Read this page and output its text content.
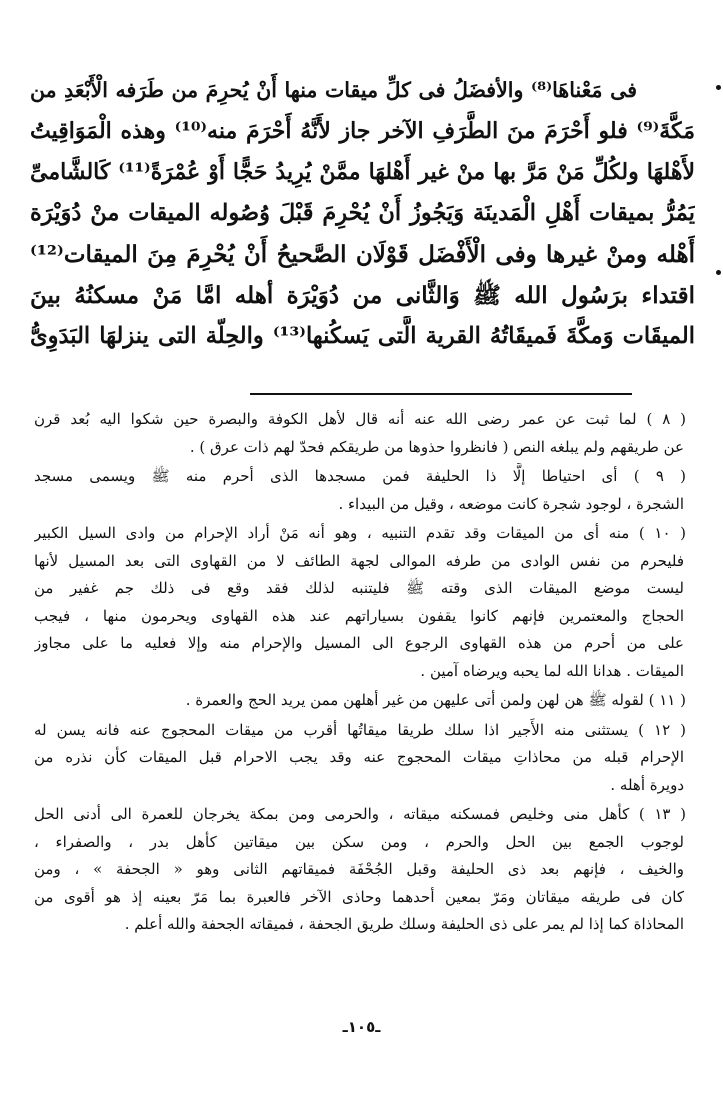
فى مَعْناهَا⁽⁸⁾ والأفضَلُ فى كلِّ ميقات منها أَنْ يُحرِمَ من طَرَفه الْأَبْعَدِ من
مَكَّةَ⁽⁹⁾ فلو أَحْرَمَ منَ الطَّرَفِ الآخر جاز لأَنَّهُ أَحْرَمَ منه⁽¹⁰⁾ وهذه الْمَوَاقِيتُ
لأَهْلهَا ولكُلِّ مَنْ مَرَّ بها منْ غير أَهْلهَا ممَّنْ يُرِيدُ حَجًّا أَوْ عُمْرَةً⁽¹¹⁾ كَالشَّامىِّ
يَمُرُّ بميقات أَهْلِ الْمَدينَة وَيَجُوزُ أَنْ يُحْرِمَ قَبْلَ وُصُوله الميقات منْ دُوَيْرَة
أَهْله ومنْ غيرها وفى الْأَفْضَل قَوْلَان الصَّحيحُ أَنْ يُحْرِمَ مِنَ الميقات⁽¹²⁾
اقتداء برَسُول الله ﷺ وَالثَّانى من دُوَيْرَة أهله امَّا مَنْ مسكنُهُ بينَ
الميقَات وَمكَّةَ فَميقَاتُهُ القرية الَّتى يَسكُنها⁽¹³⁾ والحِلّة التى ينزلهَا البَدَوِىُّ
( ٨ ) لما ثبت عن عمر رضى الله عنه أنه قال لأهل الكوفة والبصرة حين شكوا اليه بُعد قرن
عن طريقهم ولم يبلغه النص ( فانظروا حذوها من طريقكم فحدّ لهم ذات عرق ) .
( ٩ ) أى احتياطا إلَّا ذا الحليفة فمن مسجدها الذى أحرم منه ﷺ ويسمى مسجد
الشجرة ، لوجود شجرة كانت موضعه ، وقيل من البيداء .
( ١٠ ) منه أى من الميقات وقد تقدم التنبيه ، وهو أنه مَنْ أراد الإحرام من وادى السيل الكبير
فليحرم من نفس الوادى من طرفه الموالى لجهة الطائف لا من القهاوى التى بعد المسيل لأنها
ليست موضع الميقات الذى وقته ﷺ فليتنبه لذلك فقد وقع فى ذلك جم غفير من
الحجاج والمعتمرين فإنهم كانوا يقفون بسياراتهم عند هذه القهاوى ويحرمون منها ، فيجب
على من أحرم من هذه القهاوى الرجوع الى المسيل والإحرام منه وإلا فعليه ما على مجاوز
الميقات . هدانا الله لما يحبه ويرضاه آمين .
( ١١ ) لقوله ﷺ هن لهن ولمن أتى عليهن من غير أهلهن ممن يريد الحج والعمرة .
( ١٢ ) يستثنى منه الأَجير اذا سلك طريقا ميقاتُها أقرب من ميقات المحجوج عنه فانه يسن له
الإحرام قبله من محاذاتِ ميقات المحجوج عنه وقد يجب الاحرام قبل الميقات كأن نذره من
دويرة أهله .
( ١٣ ) كأهل منى وخليص فمسكنه ميقاته ، والحرمى ومن بمكة يخرجان للعمرة الى أدنى الحل
لوجوب الجمع بين الحل والحرم ، ومن سكن بين ميقاتين كأهل بدر ، والصفراء ،
والخيف ، فإنهم بعد ذى الحليفة وقبل الجُحْفَة فميقاتهم الثانى وهو « الجحفة » ، ومن
كان فى طريقه ميقاتان ومَرّ بمعين أحدهما وحاذى الآخر فالعبرة بما مَرّ بعينه إذ هو أقوى من
المحاذاة كما إذا لم يمر على ذى الحليفة وسلك طريق الجحفة ، فميقاته الجحفة والله أعلم .
ـ١٠٥ـ
